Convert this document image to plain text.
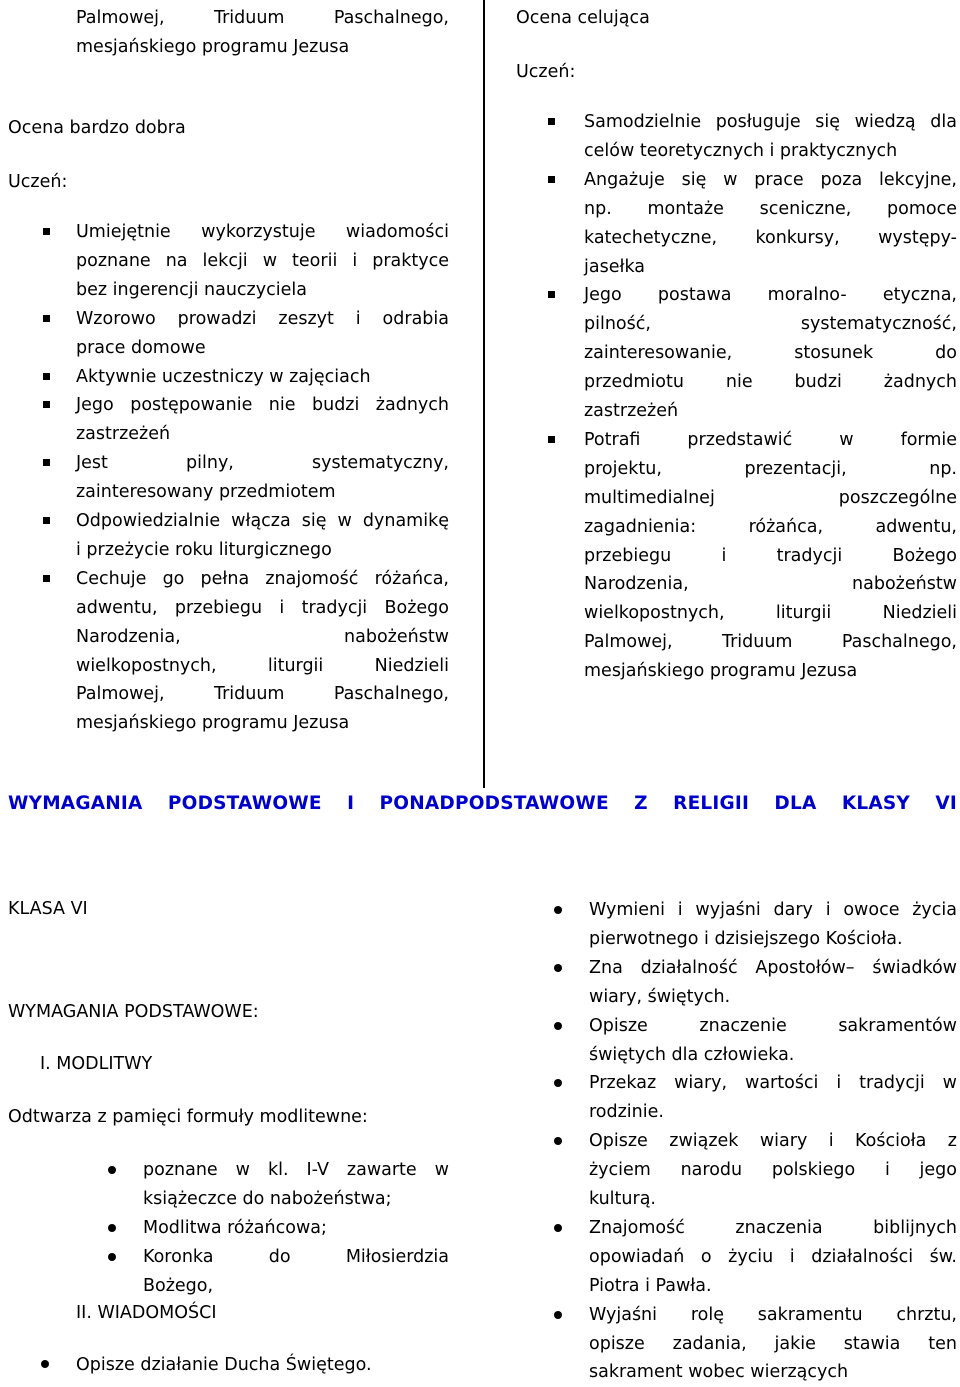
Palmowej, Triduum Paschalnego,
mesjańskiego programu Jezusa
Ocena bardzo dobra
Uczeń:
Umiejętnie wykorzystuje wiadomości
poznane na lekcji w teorii i praktyce
bez ingerencji nauczyciela
Wzorowo prowadzi zeszyt i odrabia
prace domowe
Aktywnie uczestniczy w zajęciach
Jego postępowanie nie budzi żadnych
zastrzeżeń
Jest pilny, systematyczny,
zainteresowany przedmiotem
Odpowiedzialnie włącza się w dynamikę
i przeżycie roku liturgicznego
Cechuje go pełna znajomość różańca,
adwentu, przebiegu i tradycji Bożego
Narodzenia, nabożeństw
wielkopostnych, liturgii Niedzieli
Palmowej, Triduum Paschalnego,
mesjańskiego programu Jezusa
Ocena celująca
Uczeń:
Samodzielnie posługuje się wiedzą dla
celów teoretycznych i praktycznych
Angażuje się w prace poza lekcyjne,
np. montaże sceniczne, pomoce
katechetyczne, konkursy, występy-
jasełka
Jego postawa moralno- etyczna,
pilność, systematyczność,
zainteresowanie, stosunek do
przedmiotu nie budzi żadnych
zastrzeżeń
Potrafi przedstawić w formie
projektu, prezentacji, np.
multimedialnej poszczególne
zagadnienia: różańca, adwentu,
przebiegu i tradycji Bożego
Narodzenia, nabożeństw
wielkopostnych, liturgii Niedzieli
Palmowej, Triduum Paschalnego,
mesjańskiego programu Jezusa
WYMAGANIA PODSTAWOWE I PONADPODSTAWOWE Z RELIGII DLA KLASY VI
KLASA VI
WYMAGANIA PODSTAWOWE:
I. MODLITWY
Odtwarza z pamięci formuły modlitewne:
poznane w kl. I-V zawarte w
książeczce do nabożeństwa;
Modlitwa różańcowa;
Koronka do Miłosierdzia
Bożego,
II. WIADOMOŚCI
Opisze działanie Ducha Świętego.
Wymieni i wyjaśni dary i owoce życia
pierwotnego i dzisiejszego Kościoła.
Zna działalność Apostołów– świadków
wiary, świętych.
Opisze znaczenie sakramentów
świętych dla człowieka.
Przekaz wiary, wartości i tradycji w
rodzinie.
Opisze związek wiary i Kościoła z
życiem narodu polskiego i jego
kulturą.
Znajomość znaczenia biblijnych
opowiadań o życiu i działalności św.
Piotra i Pawła.
Wyjaśni rolę sakramentu chrztu,
opisze zadania, jakie stawia ten
sakrament wobec wierzących
